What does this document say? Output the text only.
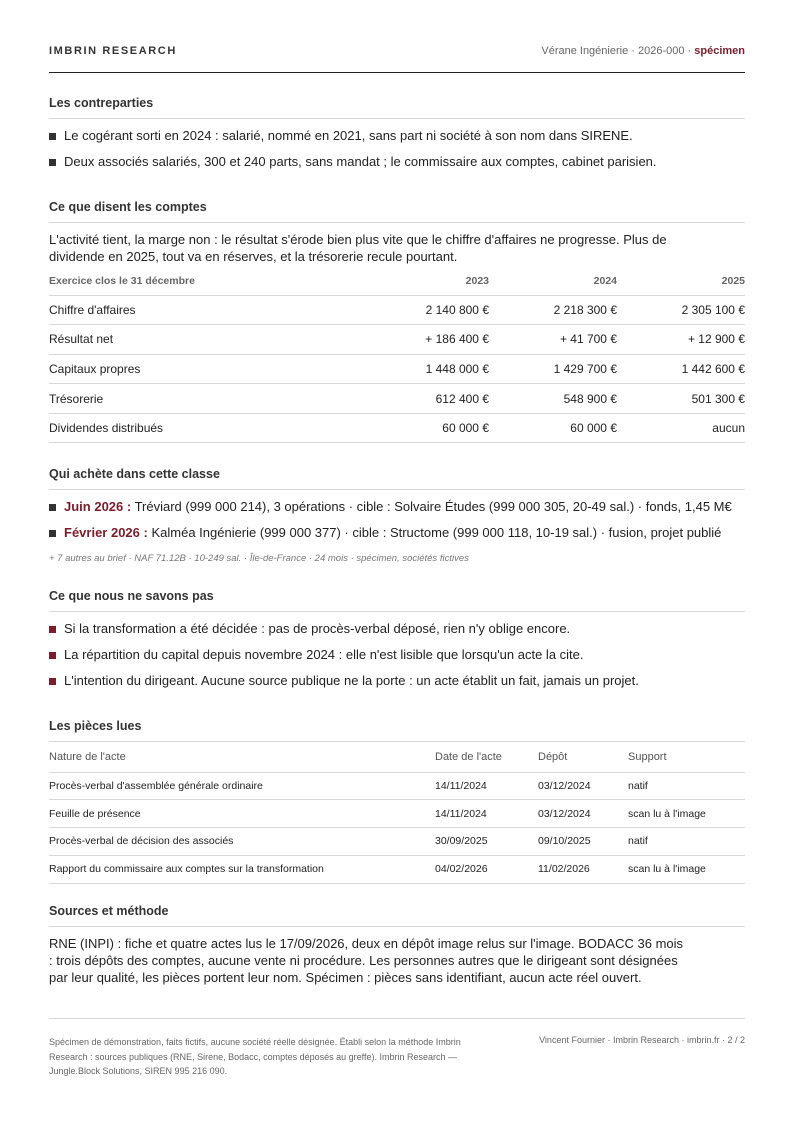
IMBRIN RESEARCH	Vérane Ingénierie · 2026-000 · spécimen
Les contreparties
Le cogérant sorti en 2024 : salarié, nommé en 2021, sans part ni société à son nom dans SIRENE.
Deux associés salariés, 300 et 240 parts, sans mandat ; le commissaire aux comptes, cabinet parisien.
Ce que disent les comptes

L'activité tient, la marge non : le résultat s'érode bien plus vite que le chiffre d'affaires ne progresse. Plus de dividende en 2025, tout va en réserves, et la trésorerie recule pourtant.

Exercice clos le 31 décembre	2023	2024	2025
Chiffre d'affaires	2 140 800 €	2 218 300 €	2 305 100 €
Résultat net	+ 186 400 €	+ 41 700 €	+ 12 900 €
Capitaux propres	1 448 000 €	1 429 700 €	1 442 600 €
Trésorerie	612 400 €	548 900 €	501 300 €
Dividendes distribués	60 000 €	60 000 €	aucun
Qui achète dans cette classe
Juin 2026 : Tréviard (999 000 214), 3 opérations · cible : Solvaire Études (999 000 305, 20-49 sal.) · fonds, 1,45 M€
Février 2026 : Kalméa Ingénierie (999 000 377) · cible : Structome (999 000 118, 10-19 sal.) · fusion, projet publié
+ 7 autres au brief · NAF 71.12B · 10-249 sal. · Île-de-France · 24 mois · spécimen, sociétés fictives
Ce que nous ne savons pas
Si la transformation a été décidée : pas de procès-verbal déposé, rien n'y oblige encore.
La répartition du capital depuis novembre 2024 : elle n'est lisible que lorsqu'un acte la cite.
L'intention du dirigeant. Aucune source publique ne la porte : un acte établit un fait, jamais un projet.
Les pièces lues
Nature de l'acte	Date de l'acte	Dépôt	Support
Procès-verbal d'assemblée générale ordinaire	14/11/2024	03/12/2024	natif
Feuille de présence	14/11/2024	03/12/2024	scan lu à l'image
Procès-verbal de décision des associés	30/09/2025	09/10/2025	natif
Rapport du commissaire aux comptes sur la transformation	04/02/2026	11/02/2026	scan lu à l'image
Sources et méthode

RNE (INPI) : fiche et quatre actes lus le 17/09/2026, deux en dépôt image relus sur l'image. BODACC 36 mois : trois dépôts des comptes, aucune vente ni procédure. Les personnes autres que le dirigeant sont désignées par leur qualité, les pièces portent leur nom. Spécimen : pièces sans identifiant, aucun acte réel ouvert.

Spécimen de démonstration, faits fictifs, aucune société réelle désignée. Établi selon la méthode Imbrin Research : sources publiques (RNE, Sirene, Bodacc, comptes déposés au greffe). Imbrin Research — Jungle.Block Solutions, SIREN 995 216 090.
Vincent Fournier · Imbrin Research · imbrin.fr · 2 / 2
